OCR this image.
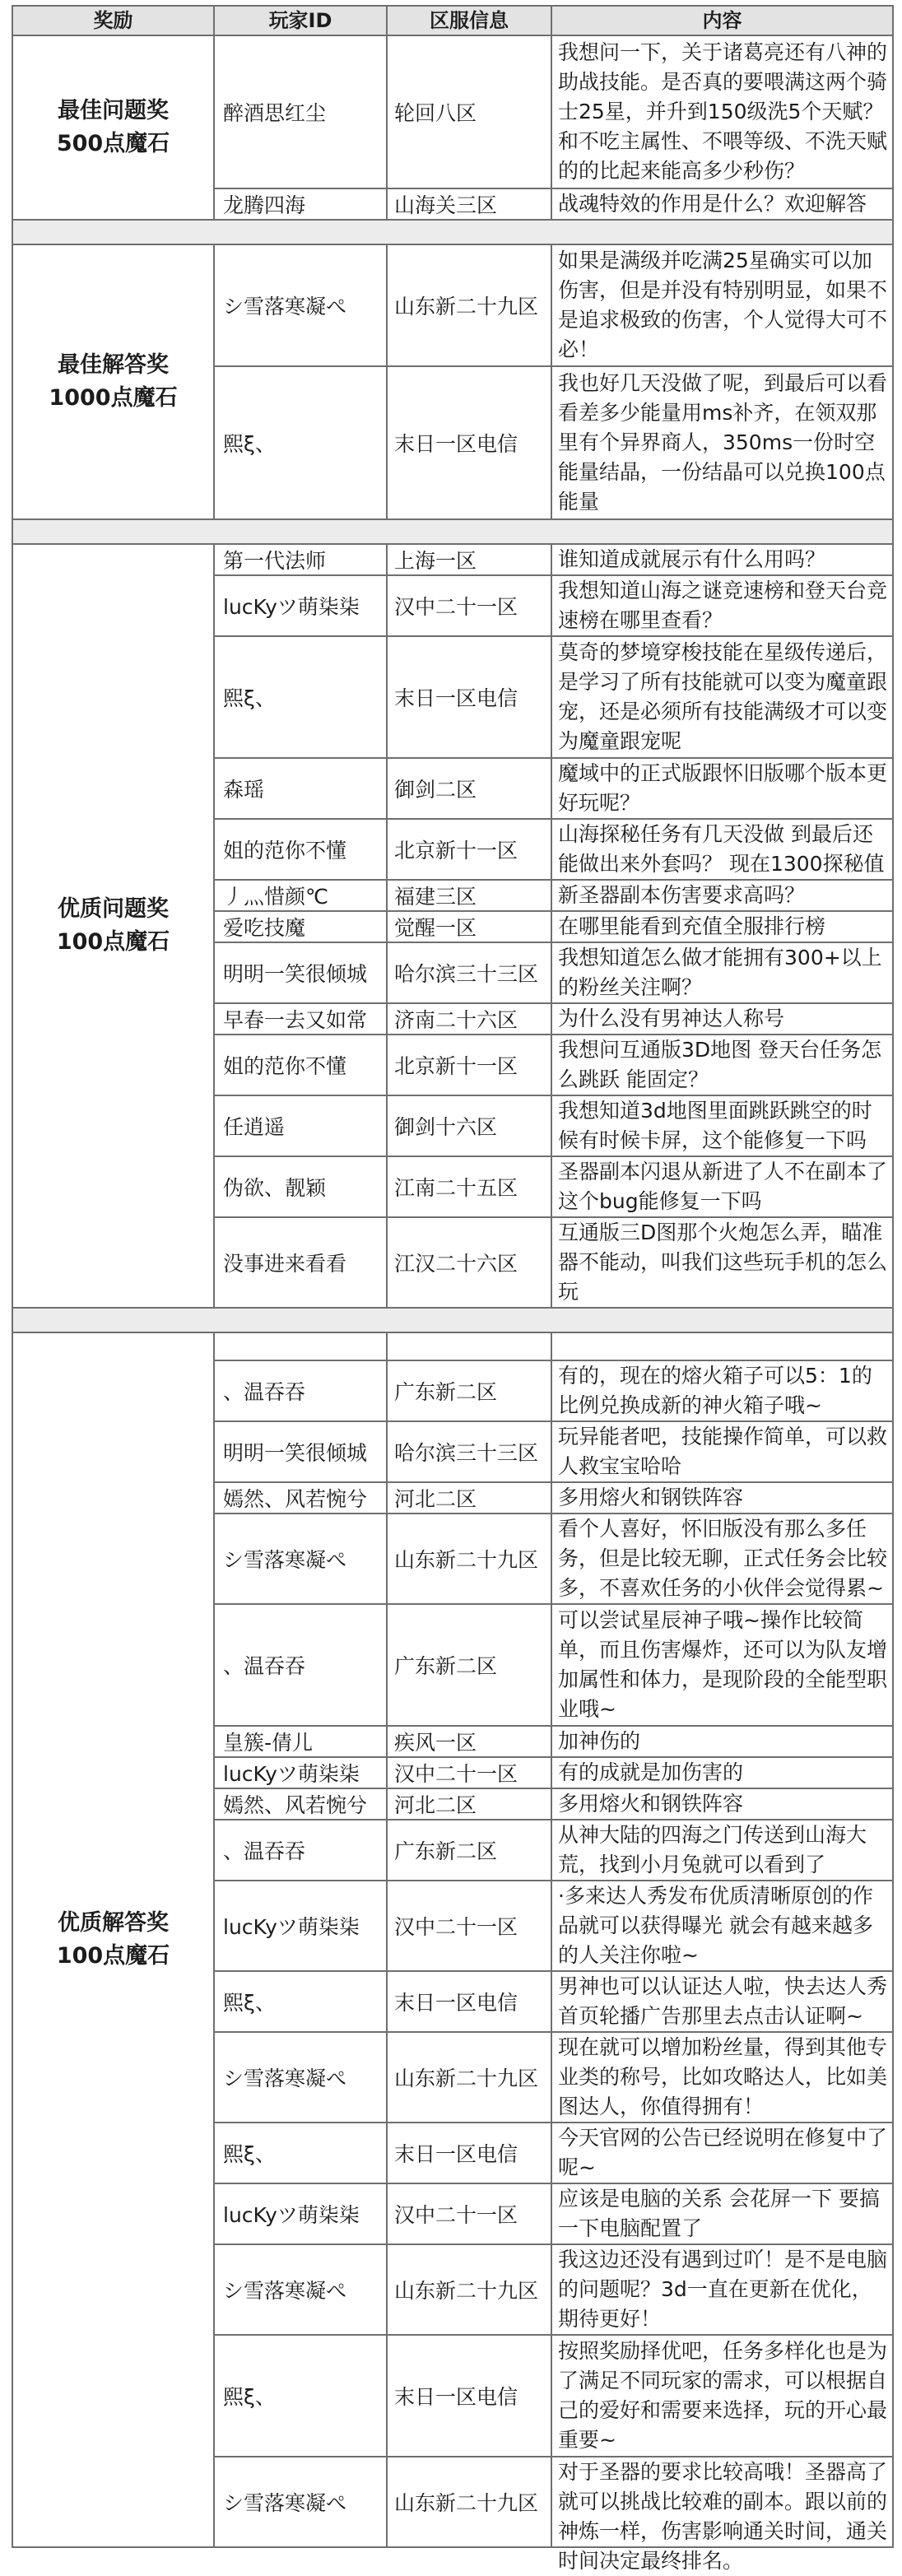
奖励	玩家ID	区服信息	内容

最佳问题奖
500点魔石	醉酒思红尘	轮回八区	我想问一下，关于诸葛亮还有八神的助战技能。是否真的要喂满这两个骑士25星，并升到150级洗5个天赋？和不吃主属性、不喂等级、不洗天赋的的比起来能高多少秒伤？

	龙腾四海	山海关三区	战魂特效的作用是什么？欢迎解答

最佳解答奖
1000点魔石	シ雪落寒凝ぺ	山东新二十九区	如果是满级并吃满25星确实可以加伤害，但是并没有特别明显，如果不是追求极致的伤害，个人觉得大可不必！

	熙ξ、	末日一区电信	我也好几天没做了呢，到最后可以看看差多少能量用ms补齐，在领双那里有个异界商人，350ms一份时空能量结晶，一份结晶可以兑换100点能量

优质问题奖
100点魔石	第一代法师	上海一区	谁知道成就展示有什么用吗？

	lucKyツ萌柒柒	汉中二十一区	我想知道山海之谜竞速榜和登天台竞速榜在哪里查看？

	熙ξ、	末日一区电信	莫奇的梦境穿梭技能在星级传递后，是学习了所有技能就可以变为魔童跟宠，还是必须所有技能满级才可以变为魔童跟宠呢

	森瑶	御剑二区	魔域中的正式版跟怀旧版哪个版本更好玩呢？

	姐的范你不懂	北京新十一区	山海探秘任务有几天没做 到最后还能做出来外套吗？ 现在1300探秘值

	丿灬惜颜℃	福建三区	新圣器副本伤害要求高吗？

	爱吃技魔	觉醒一区	在哪里能看到充值全服排行榜

	明明一笑很倾城	哈尔滨三十三区	我想知道怎么做才能拥有300+以上的粉丝关注啊？

	早春一去又如常	济南二十六区	为什么没有男神达人称号

	姐的范你不懂	北京新十一区	我想问互通版3D地图 登天台任务怎么跳跃 能固定？

	任逍遥	御剑十六区	我想知道3d地图里面跳跃跳空的时候有时候卡屏，这个能修复一下吗

	伪欲、靓颖	江南二十五区	圣器副本闪退从新进了人不在副本了这个bug能修复一下吗

	没事进来看看	江汉二十六区	互通版三D图那个火炮怎么弄，瞄准器不能动，叫我们这些玩手机的怎么玩

优质解答奖
100点魔石			

	、温吞吞	广东新二区	有的，现在的熔火箱子可以5：1的比例兑换成新的神火箱子哦~

	明明一笑很倾城	哈尔滨三十三区	玩异能者吧，技能操作简单，可以救人救宝宝哈哈

	嫣然、风若惋兮	河北二区	多用熔火和钢铁阵容

	シ雪落寒凝ぺ	山东新二十九区	看个人喜好，怀旧版没有那么多任务，但是比较无聊，正式任务会比较多，不喜欢任务的小伙伴会觉得累~

	、温吞吞	广东新二区	可以尝试星辰神子哦~操作比较简单，而且伤害爆炸，还可以为队友增加属性和体力，是现阶段的全能型职业哦~

	皇簇-倩儿	疾风一区	加神伤的

	lucKyツ萌柒柒	汉中二十一区	有的成就是加伤害的

	嫣然、风若惋兮	河北二区	多用熔火和钢铁阵容

	、温吞吞	广东新二区	从神大陆的四海之门传送到山海大荒，找到小月兔就可以看到了

	lucKyツ萌柒柒	汉中二十一区	·多来达人秀发布优质清晰原创的作品就可以获得曝光 就会有越来越多的人关注你啦~

	熙ξ、	末日一区电信	男神也可以认证达人啦，快去达人秀首页轮播广告那里去点击认证啊~

	シ雪落寒凝ぺ	山东新二十九区	现在就可以增加粉丝量，得到其他专业类的称号，比如攻略达人，比如美图达人，你值得拥有！

	熙ξ、	末日一区电信	今天官网的公告已经说明在修复中了呢~

	lucKyツ萌柒柒	汉中二十一区	应该是电脑的关系 会花屏一下 要搞一下电脑配置了

	シ雪落寒凝ぺ	山东新二十九区	我这边还没有遇到过吖！是不是电脑的问题呢？3d一直在更新在优化，期待更好！

	熙ξ、	末日一区电信	按照奖励择优吧，任务多样化也是为了满足不同玩家的需求，可以根据自己的爱好和需要来选择，玩的开心最重要~

	シ雪落寒凝ぺ	山东新二十九区	对于圣器的要求比较高哦！圣器高了就可以挑战比较难的副本。跟以前的神炼一样，伤害影响通关时间，通关时间决定最终排名。
